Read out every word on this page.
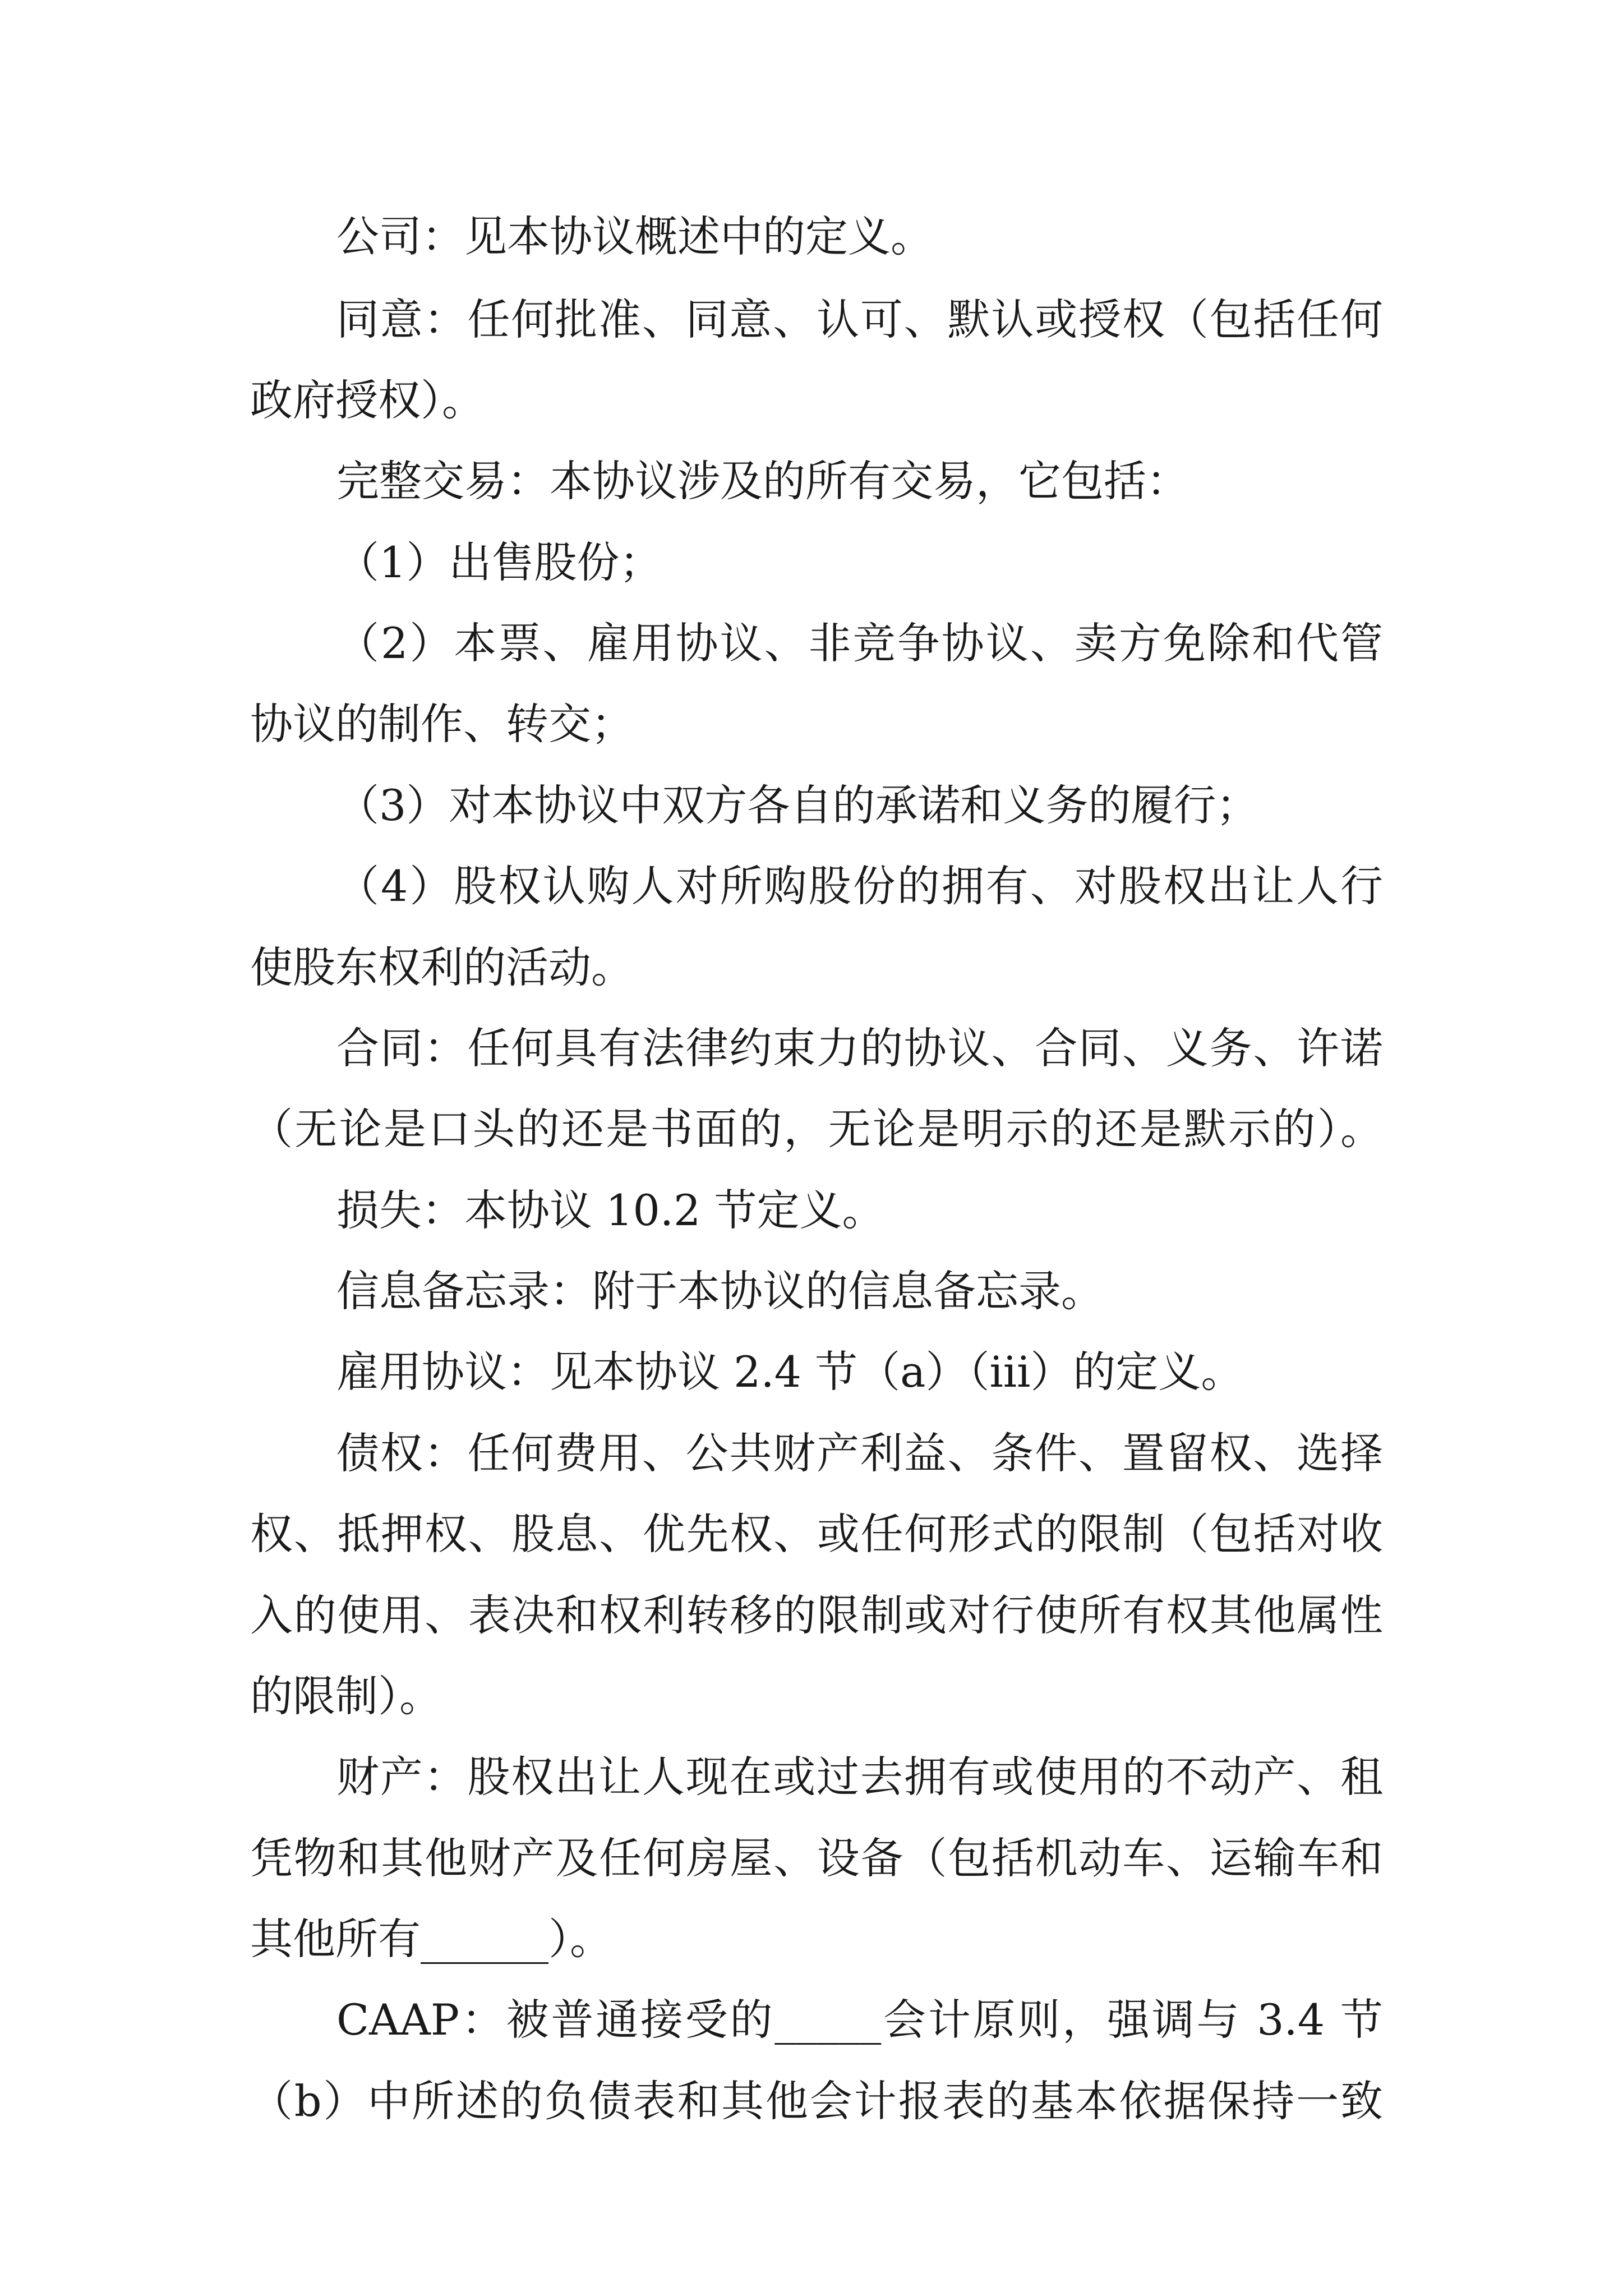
公司：见本协议概述中的定义。
同意：任何批准、同意、认可、默认或授权（包括任何
政府授权）。
完整交易：本协议涉及的所有交易，它包括：
（1）出售股份；
（2）本票、雇用协议、非竞争协议、卖方免除和代管
协议的制作、转交；
（3）对本协议中双方各自的承诺和义务的履行；
（4）股权认购人对所购股份的拥有、对股权出让人行
使股东权利的活动。
合同：任何具有法律约束力的协议、合同、义务、许诺
（无论是口头的还是书面的，无论是明示的还是默示的）。
损失：本协议 10.2 节定义。
信息备忘录：附于本协议的信息备忘录。
雇用协议：见本协议 2.4 节（a）（iii）的定义。
债权：任何费用、公共财产利益、条件、置留权、选择
权、抵押权、股息、优先权、或任何形式的限制（包括对收
入的使用、表决和权利转移的限制或对行使所有权其他属性
的限制）。
财产：股权出让人现在或过去拥有或使用的不动产、租
凭物和其他财产及任何房屋、设备（包括机动车、运输车和
其他所有______）。
CAAP：被普通接受的_____会计原则，强调与 3.4 节
（b）中所述的负债表和其他会计报表的基本依据保持一致
